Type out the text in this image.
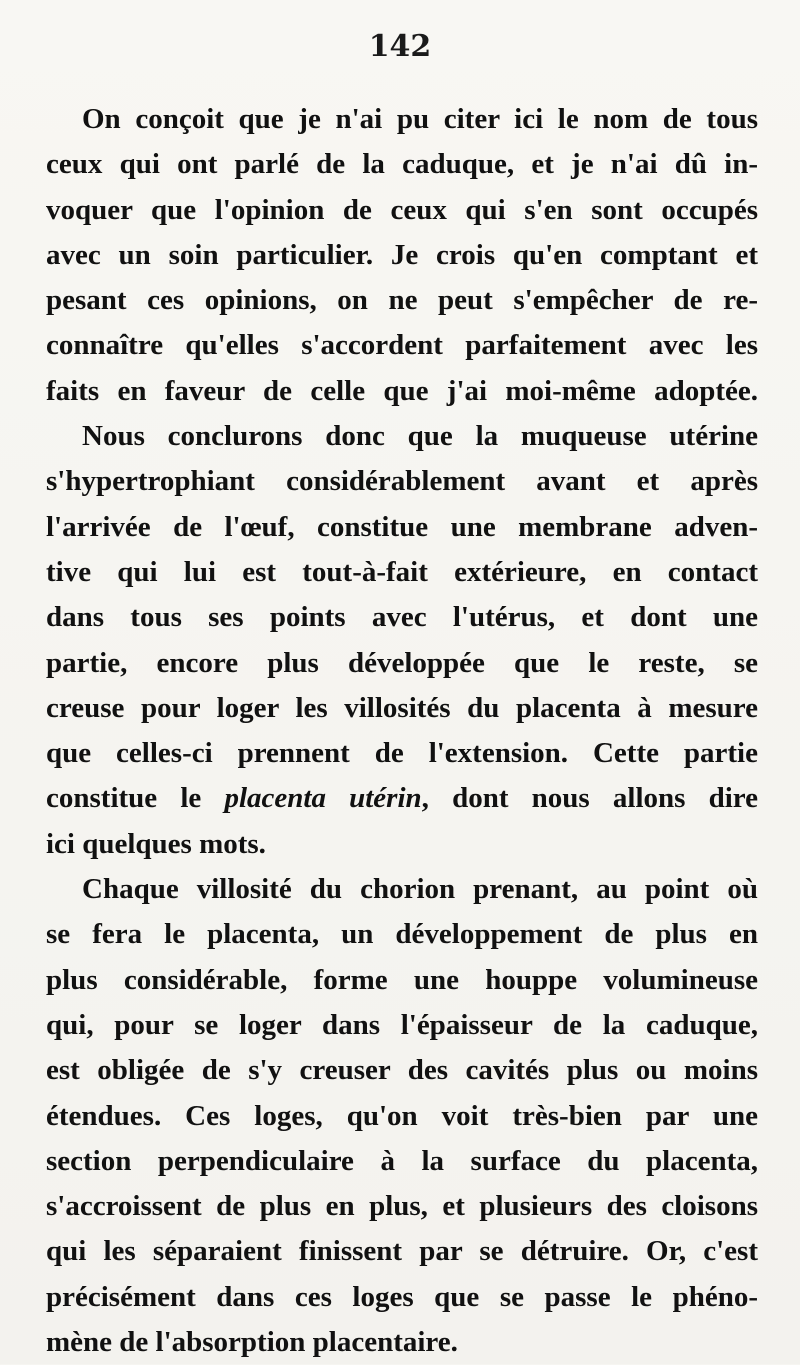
142
On conçoit que je n'ai pu citer ici le nom de tous
ceux qui ont parlé de la caduque, et je n'ai dû in-
voquer que l'opinion de ceux qui s'en sont occupés
avec un soin particulier. Je crois qu'en comptant et
pesant ces opinions, on ne peut s'empêcher de re-
connaître qu'elles s'accordent parfaitement avec les
faits en faveur de celle que j'ai moi-même adoptée.
Nous conclurons donc que la muqueuse utérine
s'hypertrophiant considérablement avant et après
l'arrivée de l'œuf, constitue une membrane adven-
tive qui lui est tout-à-fait extérieure, en contact
dans tous ses points avec l'utérus, et dont une
partie, encore plus développée que le reste, se
creuse pour loger les villosités du placenta à mesure
que celles-ci prennent de l'extension. Cette partie
constitue le placenta utérin, dont nous allons dire
ici quelques mots.
Chaque villosité du chorion prenant, au point où
se fera le placenta, un développement de plus en
plus considérable, forme une houppe volumineuse
qui, pour se loger dans l'épaisseur de la caduque,
est obligée de s'y creuser des cavités plus ou moins
étendues. Ces loges, qu'on voit très-bien par une
section perpendiculaire à la surface du placenta,
s'accroissent de plus en plus, et plusieurs des cloisons
qui les séparaient finissent par se détruire. Or, c'est
précisément dans ces loges que se passe le phéno-
mène de l'absorption placentaire.
